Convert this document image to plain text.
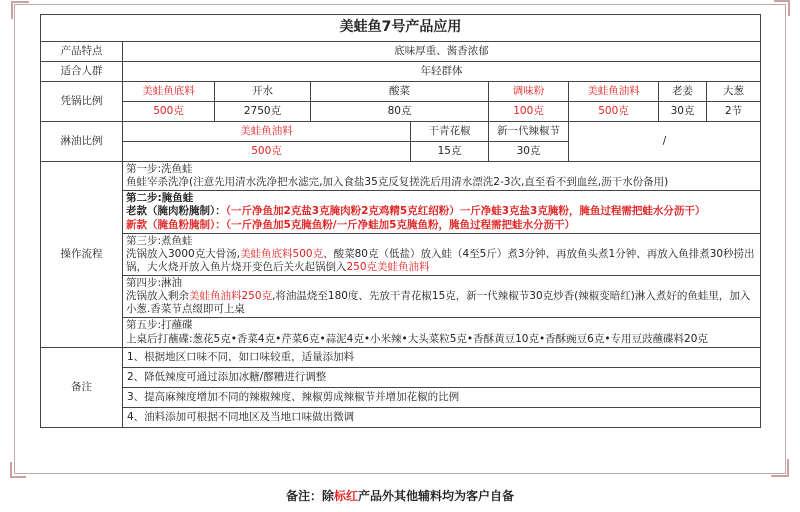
美蛙鱼7号产品应用								
产品特点	底味厚重、酱香浓郁							
适合人群	年轻群体							
凭锅比例	美蛙鱼底料	开水	酸菜		调味粉	美蛙鱼油料	老姜	大葱
	500克	2750克	80克		100克	500克	30克	2节
淋油比例	美蛙鱼油料			干青花椒	新一代辣椒节	/		
	500克			15克	30克			
操作流程	第一步:洗鱼蛙
鱼蛙宰杀洗净(注意先用清水洗净把水滤完,加入食盐35克反复搓洗后用清水漂洗2-3次,直至看不到血丝,沥干水份备用)							

	第二步:腌鱼蛙
老款（腌肉粉腌制）：（一斤净鱼加2克盐3克腌肉粉2克鸡精5克红绍粉）一斤净蛙3克盐3克腌粉，腌鱼过程需把蛙水分沥干）
新款（腌鱼粉腌制）：（一斤净鱼加5克腌鱼粉/一斤净蛙加5克腌鱼粉，腌鱼过程需把蛙水分沥干）							

	第三步:煮鱼蛙
洗锅放入3000克大骨汤,美蛙鱼底料500克、酸菜80克（低盐）放入蛙（4至5斤）煮3分钟、再放鱼头煮1分钟、再放入鱼排煮30秒捞出锅，大火烧开放入鱼片烧开变色后关火起锅倒入250克美蛙鱼油料							

	第四步:淋油
洗锅放入剩余美蛙鱼油料250克,将油温烧至180度、先放干青花椒15克，新一代辣椒节30克炒香(辣椒变暗红)淋入煮好的鱼蛙里，加入小葱.香菜节点缀即可上桌							

	第五步:打蘸碟
上桌后打蘸碟:葱花5克•香菜4克•芹菜6克•蒜泥4克•小米辣•大头菜粒5克•香酥黄豆10克•香酥豌豆6克•专用豆豉蘸碟料20克							

备注	1、根据地区口味不同，如口味较重，适量添加料							
	2、降低辣度可通过添加冰糖/醪糟进行调整							
	3、提高麻辣度增加不同的辣椒辣度、辣椒剪成辣椒节并增加花椒的比例							
	4、油料添加可根据不同地区及当地口味做出微调							
备注：除标红产品外其他辅料均为客户自备
